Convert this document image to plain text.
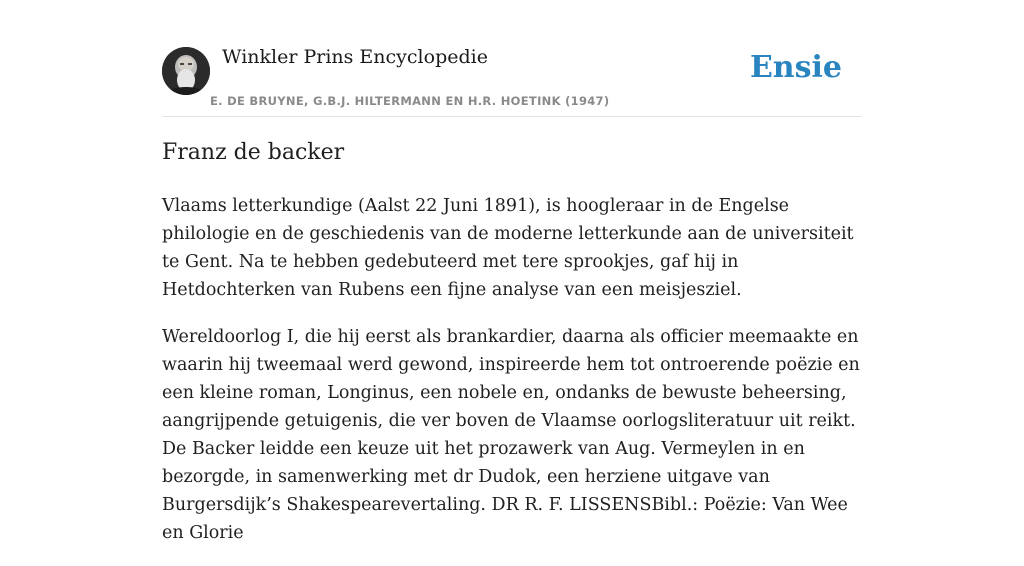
Winkler Prins Encyclopedie
E. DE BRUYNE, G.B.J. HILTERMANN EN H.R. HOETINK (1947)
Ensie
Franz de backer

Vlaams letterkundige (Aalst 22 Juni 1891), is hoogleraar in de Engelse philologie en de geschiedenis van de moderne letterkunde aan de universiteit te Gent. Na te hebben gedebuteerd met tere sprookjes, gaf hij in Hetdochterken van Rubens een fijne analyse van een meisjesziel.

Wereldoorlog I, die hij eerst als brankardier, daarna als officier meemaakte en waarin hij tweemaal werd gewond, inspireerde hem tot ontroerende poëzie en een kleine roman, Longinus, een nobele en, ondanks de bewuste beheersing, aangrijpende getuigenis, die ver boven de Vlaamse oorlogsliteratuur uit reikt. De Backer leidde een keuze uit het prozawerk van Aug. Vermeylen in en bezorgde, in samenwerking met dr Dudok, een herziene uitgave van Burgersdijk’s Shakespearevertaling. DR R. F. LISSENSBibl.: Poëzie: Van Wee en Glorie
